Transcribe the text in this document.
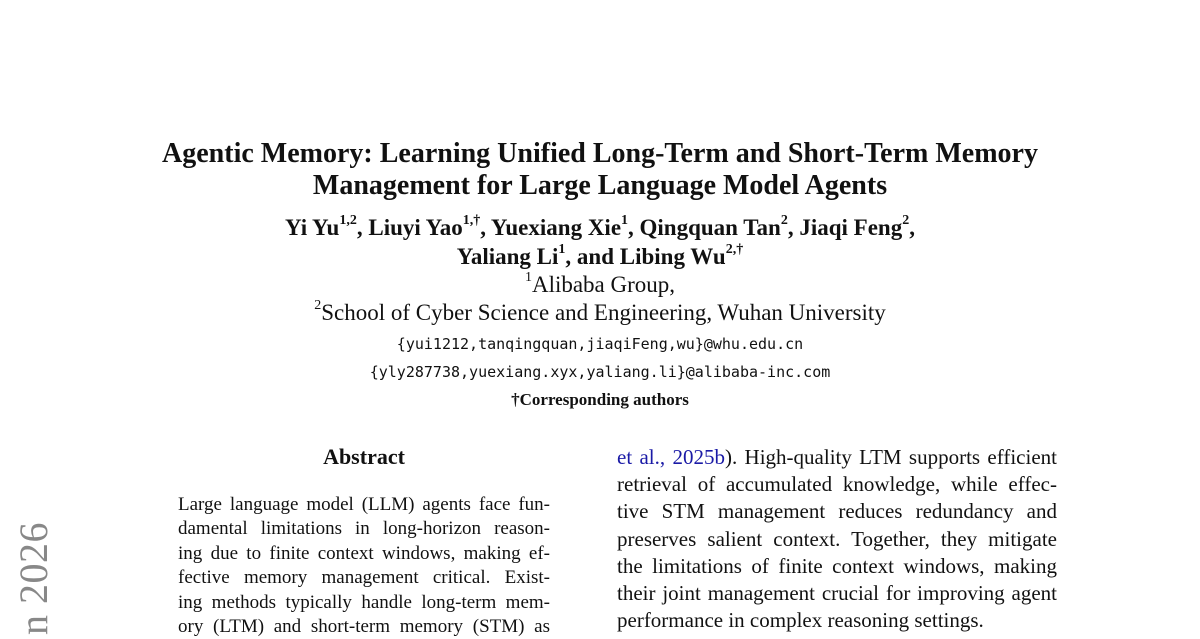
Agentic Memory: Learning Unified Long-Term and Short-Term Memory
Management for Large Language Model Agents
Yi Yu$^{1,2}$, Liuyi Yao$^{1,\dagger}$, Yuexiang Xie$^1$, Qingquan Tan$^2$, Jiaqi Feng$^2$,
Yaliang Li$^1$, and Libing $Wu^{2,\dagger}$
$^1$Alibaba Group,
$^2$School of Cyber Science and Engineering, Wuhan University
{yui1212,tanqingquan,jiaqiFeng,wu}@whu.edu.cn
{yly287738,yuexiang.xyx,yaliang.li}@alibaba-inc.com
†Corresponding authors
Abstract
Large language model (LLM) agents face fun-
damental limitations in long-horizon reason-
ing due to finite context windows, making ef-
fective memory management critical. Exist-
ing methods typically handle long-term mem-
ory (LTM) and short-term memory (STM) as
et al., 2025b). High-quality LTM supports efficient
retrieval of accumulated knowledge, while effec-
tive STM management reduces redundancy and
preserves salient context. Together, they mitigate
the limitations of finite context windows, making
their joint management crucial for improving agent
performance in complex reasoning settings.
n 2026
